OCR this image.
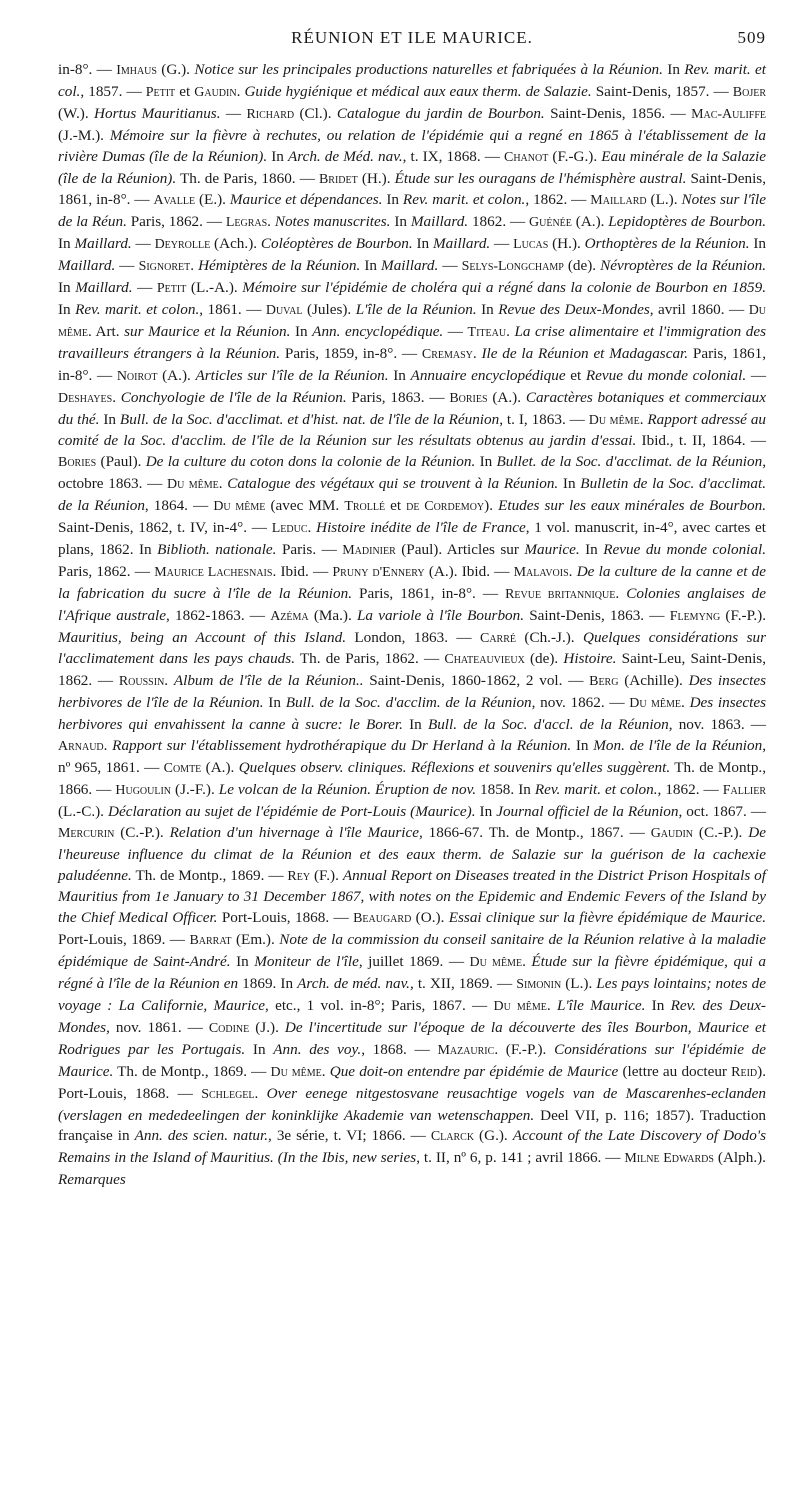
RÉUNION ET ILE MAURICE.	509

in-8°. — Imhaus (G.). Notice sur les principales productions naturelles et fabriquées à la Réunion. In Rev. marit. et col., 1857. — Petit et Gaudin. Guide hygiénique et médical aux eaux therm. de Salazie. Saint-Denis, 1857. — Bojer (W.). Hortus Mauritianus. — Richard (Cl.). Catalogue du jardin de Bourbon. Saint-Denis, 1856. — Mac-Auliffe (J.-M.). Mémoire sur la fièvre à rechutes, ou relation de l'épidémie qui a regné en 1865 à l'établissement de la rivière Dumas (île de la Réunion). In Arch. de Méd. nav., t. IX, 1868. — Chanot (F.-G.). Eau minérale de la Salazie (île de la Réunion). Th. de Paris, 1860. — Bridet (H.). Étude sur les ouragans de l'hémisphère austral. Saint-Denis, 1861, in-8°. — Avalle (E.). Maurice et dépendances. In Rev. marit. et colon., 1862. — Maillard (L.). Notes sur l'île de la Réun. Paris, 1862. — Legras. Notes manuscrites. In Maillard. 1862. — Guénée (A.). Lepidoptères de Bourbon. In Maillard. — Deyrolle (Ach.). Coléoptères de Bourbon. In Maillard. — Lucas (H.). Orthoptères de la Réunion. In Maillard. — Signoret. Hémiptères de la Réunion. In Maillard. — Selys-Longchamp (de). Névroptères de la Réunion. In Maillard. — Petit (L.-A.). Mémoire sur l'épidémie de choléra qui a régné dans la colonie de Bourbon en 1859. In Rev. marit. et colon., 1861. — Duval (Jules). L'île de la Réunion. In Revue des Deux-Mondes, avril 1860. — Du même. Art. sur Maurice et la Réunion. In Ann. encyclopédique. — Titeau. La crise alimentaire et l'immigration des travailleurs étrangers à la Réunion. Paris, 1859, in-8°. — Cremasy. Ile de la Réunion et Madagascar. Paris, 1861, in-8°. — Noirot (A.). Articles sur l'île de la Réunion. In Annuaire encyclopédique et Revue du monde colonial. — Deshayes. Conchyologie de l'île de la Réunion. Paris, 1863. — Bories (A.). Caractères botaniques et commerciaux du thé. In Bull. de la Soc. d'acclimat. et d'hist. nat. de l'île de la Réunion, t. I, 1863. — Du même. Rapport adressé au comité de la Soc. d'acclim. de l'île de la Réunion sur les résultats obtenus au jardin d'essai. Ibid., t. II, 1864. — Bories (Paul). De la culture du coton dons la colonie de la Réunion. In Bullet. de la Soc. d'acclimat. de la Réunion, octobre 1863. — Du même. Catalogue des végétaux qui se trouvent à la Réunion. In Bulletin de la Soc. d'acclimat. de la Réunion, 1864. — Du même (avec MM. Trollé et de Cordemoy). Etudes sur les eaux minérales de Bourbon. Saint-Denis, 1862, t. IV, in-4°. — Leduc. Histoire inédite de l'île de France, 1 vol. manuscrit, in-4°, avec cartes et plans, 1862. In Biblioth. nationale. Paris. — Madinier (Paul). Articles sur Maurice. In Revue du monde colonial. Paris, 1862. — Maurice Lachesnais. Ibid. — Pruny d'Ennery (A.). Ibid. — Malavois. De la culture de la canne et de la fabrication du sucre à l'île de la Réunion. Paris, 1861, in-8°. — Revue britannique. Colonies anglaises de l'Afrique australe, 1862-1863. — Azéma (Ma.). La variole à l'île Bourbon. Saint-Denis, 1863. — Flemyng (F.-P.). Mauritius, being an Account of this Island. London, 1863. — Carré (Ch.-J.). Quelques considérations sur l'acclimatement dans les pays chauds. Th. de Paris, 1862. — Chateauvieux (de). Histoire. Saint-Leu, Saint-Denis, 1862. — Roussin. Album de l'île de la Réunion.. Saint-Denis, 1860-1862, 2 vol. — Berg (Achille). Des insectes herbivores de l'île de la Réunion. In Bull. de la Soc. d'acclim. de la Réunion, nov. 1862. — Du même. Des insectes herbivores qui envahissent la canne à sucre: le Borer. In Bull. de la Soc. d'accl. de la Réunion, nov. 1863. — Arnaud. Rapport sur l'établissement hydrothérapique du Dr Herland à la Réunion. In Mon. de l'île de la Réunion, nº 965, 1861. — Comte (A.). Quelques observ. cliniques. Réflexions et souvenirs qu'elles suggèrent. Th. de Montp., 1866. — Hugoulin (J.-F.). Le volcan de la Réunion. Éruption de nov. 1858. In Rev. marit. et colon., 1862. — Fallier (L.-C.). Déclaration au sujet de l'épidémie de Port-Louis (Maurice). In Journal officiel de la Réunion, oct. 1867. — Mercurin (C.-P.). Relation d'un hivernage à l'île Maurice, 1866-67. Th. de Montp., 1867. — Gaudin (C.-P.). De l'heureuse influence du climat de la Réunion et des eaux therm. de Salazie sur la guérison de la cachexie paludéenne. Th. de Montp., 1869. — Rey (F.). Annual Report on Diseases treated in the District Prison Hospitals of Mauritius from 1e January to 31 December 1867, with notes on the Epidemic and Endemic Fevers of the Island by the Chief Medical Officer. Port-Louis, 1868. — Beaugard (O.). Essai clinique sur la fièvre épidémique de Maurice. Port-Louis, 1869. — Barrat (Em.). Note de la commission du conseil sanitaire de la Réunion relative à la maladie épidémique de Saint-André. In Moniteur de l'île, juillet 1869. — Du même. Étude sur la fièvre épidémique, qui a régné à l'île de la Réunion en 1869. In Arch. de méd. nav., t. XII, 1869. — Simonin (L.). Les pays lointains; notes de voyage : La Californie, Maurice, etc., 1 vol. in-8°; Paris, 1867. — Du même. L'île Maurice. In Rev. des Deux-Mondes, nov. 1861. — Codine (J.). De l'incertitude sur l'époque de la découverte des îles Bourbon, Maurice et Rodrigues par les Portugais. In Ann. des voy., 1868. — Mazauric. (F.-P.). Considérations sur l'épidémie de Maurice. Th. de Montp., 1869. — Du même. Que doit-on entendre par épidémie de Maurice (lettre au docteur Reid). Port-Louis, 1868. — Schlegel. Over eenege nitgestosvane reusachtige vogels van de Mascarenhes-eclanden (verslagen en mededeelingen der koninklijke Akademie van wetenschappen. Deel VII, p. 116; 1857). Traduction française in Ann. des scien. natur., 3e série, t. VI; 1866. — Clarck (G.). Account of the Late Discovery of Dodo's Remains in the Island of Mauritius. (In the Ibis, new series, t. II, nº 6, p. 141 ; avril 1866. — Milne Edwards (Alph.). Remarques
